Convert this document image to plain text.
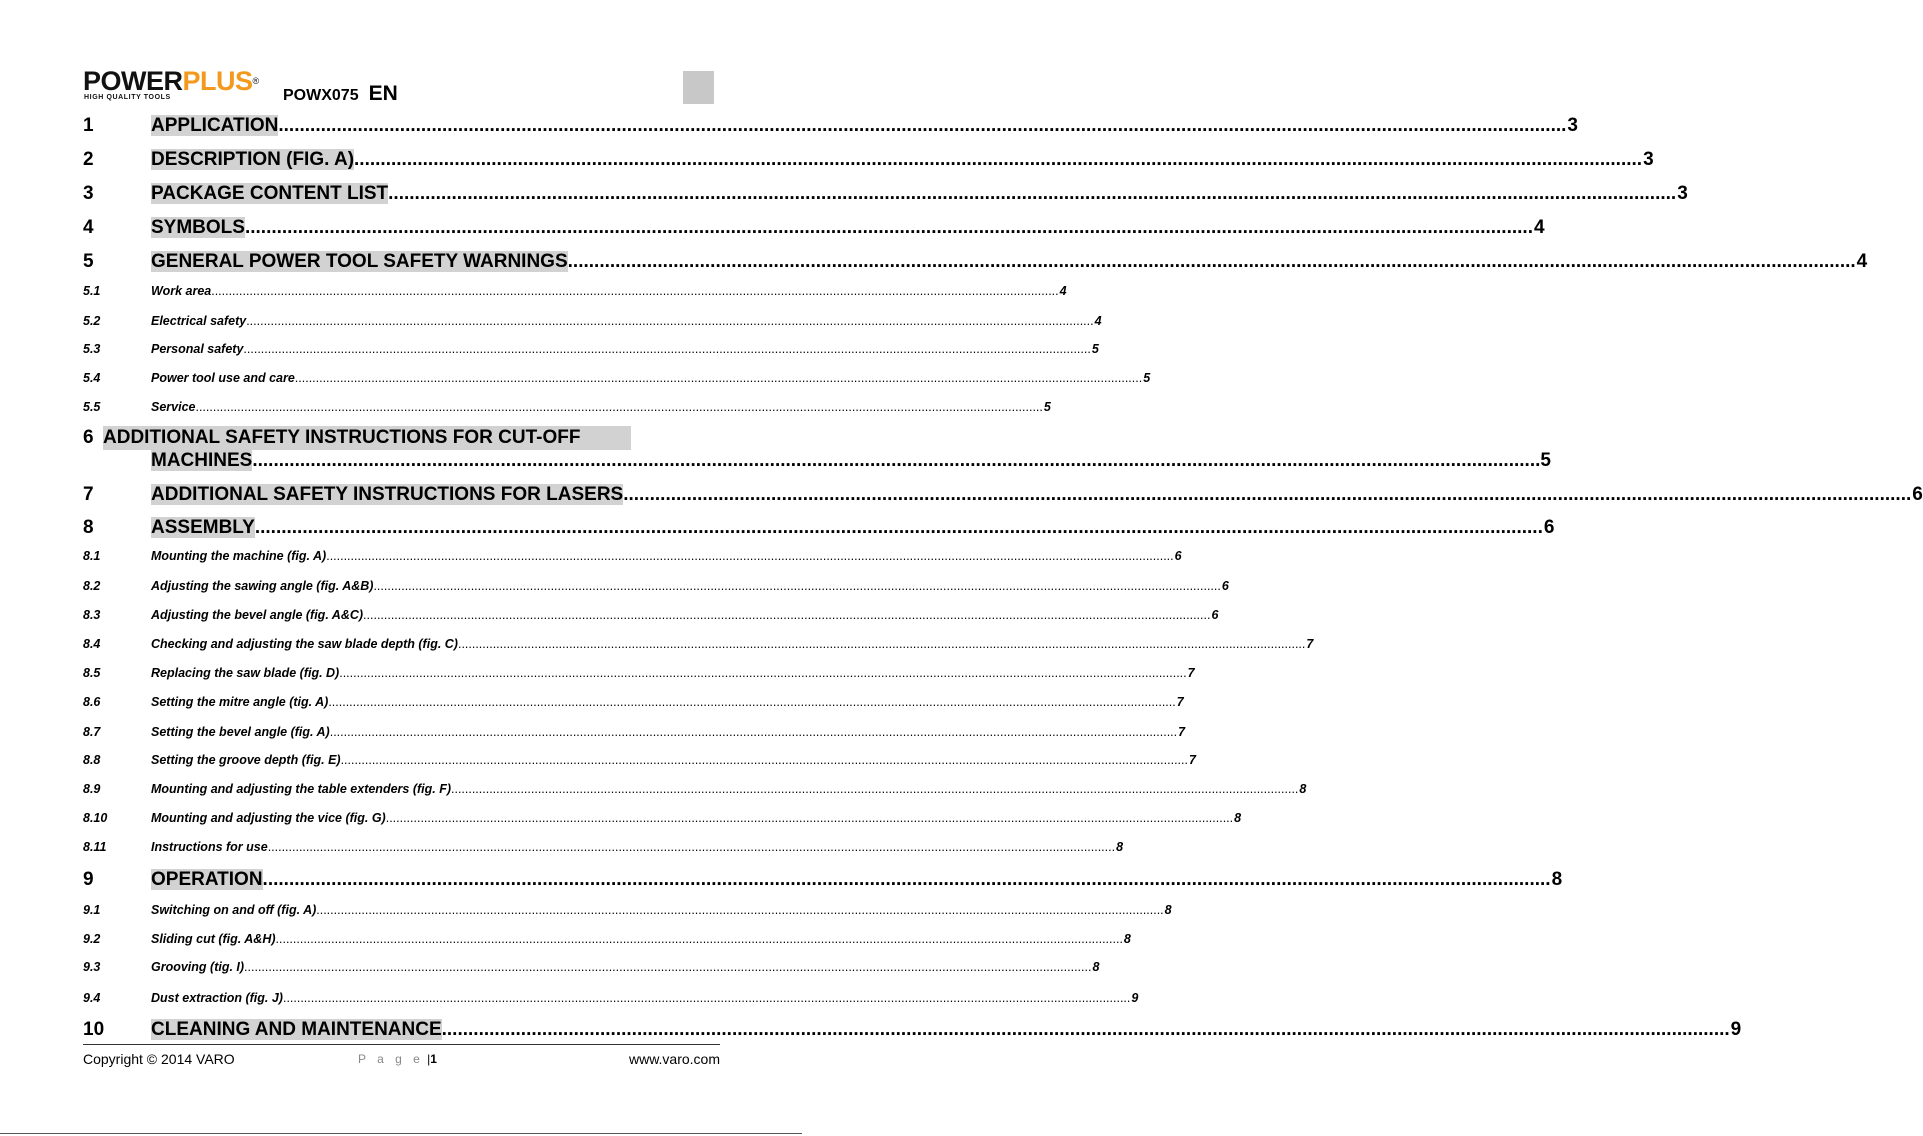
POWERPLUS®
HIGH QUALITY TOOLS	POWX075 EN
1	APPLICATION .................................................................................................................................................................................................................................................... 3
2	DESCRIPTION (FIG. A) .................................................................................................................................................................................................................................................... 3
3	PACKAGE CONTENT LIST .................................................................................................................................................................................................................................................... 3
4	SYMBOLS .................................................................................................................................................................................................................................................... 4
5	GENERAL POWER TOOL SAFETY WARNINGS .................................................................................................................................................................................................................................................... 4
5.1	Work area .................................................................................................................................................................................................................................................... 4
5.2	Electrical safety .................................................................................................................................................................................................................................................... 4
5.3	Personal safety .................................................................................................................................................................................................................................................... 5
5.4	Power tool use and care .................................................................................................................................................................................................................................................... 5
5.5	Service .................................................................................................................................................................................................................................................... 5
6 ADDITIONAL SAFETY INSTRUCTIONS FOR CUT-OFF
MACHINES .................................................................................................................................................................................................................................................... 5
7	ADDITIONAL SAFETY INSTRUCTIONS FOR LASERS .................................................................................................................................................................................................................................................... 6
8	ASSEMBLY .................................................................................................................................................................................................................................................... 6
8.1	Mounting the machine (fig. A) .................................................................................................................................................................................................................................................... 6
8.2	Adjusting the sawing angle (fig. A&B) .................................................................................................................................................................................................................................................... 6
8.3	Adjusting the bevel angle (fig. A&C) .................................................................................................................................................................................................................................................... 6
8.4	Checking and adjusting the saw blade depth (fig. C) .................................................................................................................................................................................................................................................... 7
8.5	Replacing the saw blade (fig. D) .................................................................................................................................................................................................................................................... 7
8.6	Setting the mitre angle (tig. A) .................................................................................................................................................................................................................................................... 7
8.7	Setting the bevel angle (fig. A) .................................................................................................................................................................................................................................................... 7
8.8	Setting the groove depth (fig. E) .................................................................................................................................................................................................................................................... 7
8.9	Mounting and adjusting the table extenders (fig. F) .................................................................................................................................................................................................................................................... 8
8.10	Mounting and adjusting the vice (fig. G) .................................................................................................................................................................................................................................................... 8
8.11	Instructions for use .................................................................................................................................................................................................................................................... 8
9	OPERATION .................................................................................................................................................................................................................................................... 8
9.1	Switching on and off (fig. A) .................................................................................................................................................................................................................................................... 8
9.2	Sliding cut (fig. A&H) .................................................................................................................................................................................................................................................... 8
9.3	Grooving (tig. I) .................................................................................................................................................................................................................................................... 8
9.4	Dust extraction (fig. J) .................................................................................................................................................................................................................................................... 9
10	CLEANING AND MAINTENANCE .................................................................................................................................................................................................................................................... 9
Copyright © 2014 VARO	P a g e |1	www.varo.com
